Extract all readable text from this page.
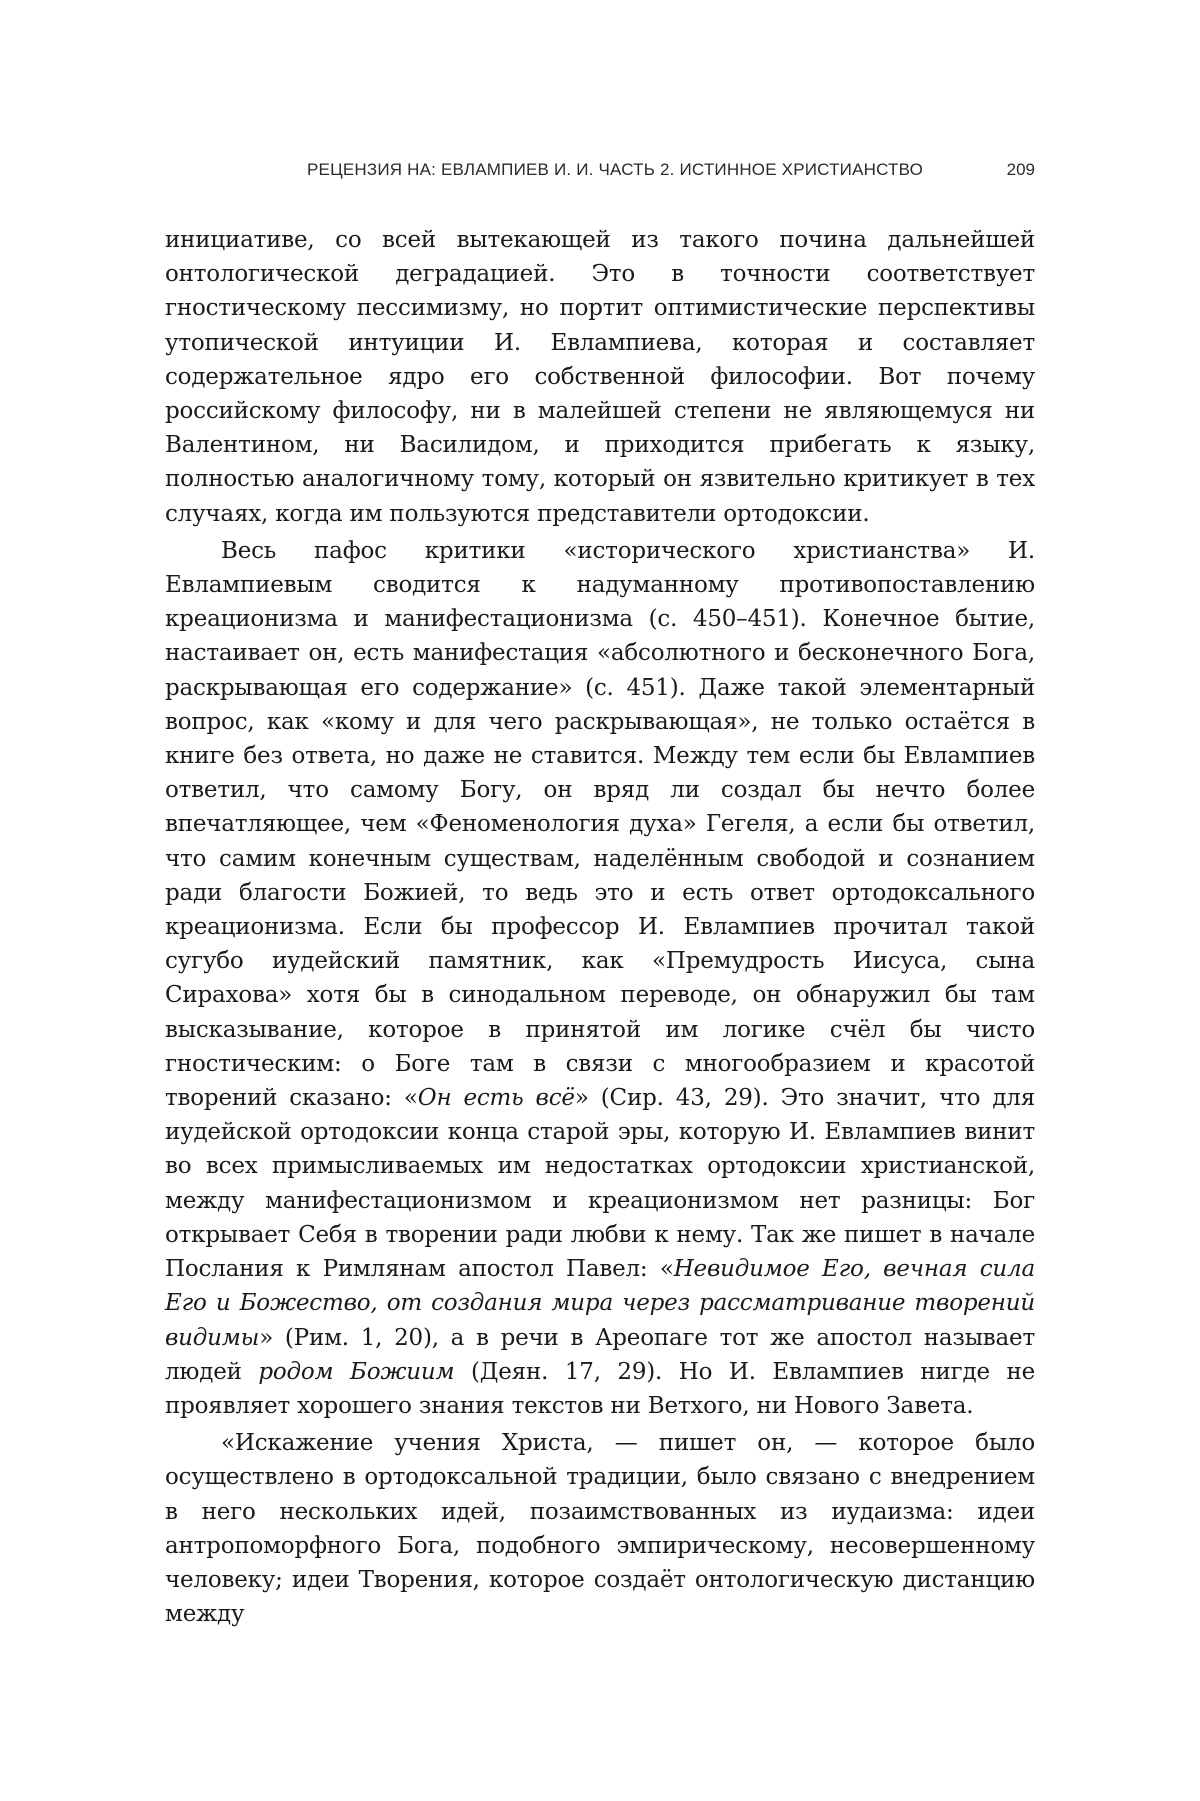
РЕЦЕНЗИЯ НА: ЕВЛАМПИЕВ И. И. ЧАСТЬ 2. ИСТИННОЕ ХРИСТИАНСТВО	209

инициативе, со всей вытекающей из такого почина дальнейшей онтологической деградацией. Это в точности соответствует гностическому пессимизму, но портит оптимистические перспективы утопической интуиции И. Евлампиева, которая и составляет содержательное ядро его собственной философии. Вот почему российскому философу, ни в малейшей степени не являющемуся ни Валентином, ни Василидом, и приходится прибегать к языку, полностью аналогичному тому, который он язвительно критикует в тех случаях, когда им пользуются представители ортодоксии.

Весь пафос критики «исторического христианства» И. Евлампиевым сводится к надуманному противопоставлению креационизма и манифестационизма (с. 450–451). Конечное бытие, настаивает он, есть манифестация «абсолютного и бесконечного Бога, раскрывающая его содержание» (с. 451). Даже такой элементарный вопрос, как «кому и для чего раскрывающая», не только остаётся в книге без ответа, но даже не ставится. Между тем если бы Евлампиев ответил, что самому Богу, он вряд ли создал бы нечто более впечатляющее, чем «Феноменология духа» Гегеля, а если бы ответил, что самим конечным существам, наделённым свободой и сознанием ради благости Божией, то ведь это и есть ответ ортодоксального креационизма. Если бы профессор И. Евлампиев прочитал такой сугубо иудейский памятник, как «Премудрость Иисуса, сына Сирахова» хотя бы в синодальном переводе, он обнаружил бы там высказывание, которое в принятой им логике счёл бы чисто гностическим: о Боге там в связи с многообразием и красотой творений сказано: «Он есть всё» (Сир. 43, 29). Это значит, что для иудейской ортодоксии конца старой эры, которую И. Евлампиев винит во всех примысливаемых им недостатках ортодоксии христианской, между манифестационизмом и креационизмом нет разницы: Бог открывает Себя в творении ради любви к нему. Так же пишет в начале Послания к Римлянам апостол Павел: «Невидимое Его, вечная сила Его и Божество, от создания мира через рассматривание творений видимы» (Рим. 1, 20), а в речи в Ареопаге тот же апостол называет людей родом Божиим (Деян. 17, 29). Но И. Евлампиев нигде не проявляет хорошего знания текстов ни Ветхого, ни Нового Завета.

«Искажение учения Христа, — пишет он, — которое было осуществлено в ортодоксальной традиции, было связано с внедрением в него нескольких идей, позаимствованных из иудаизма: идеи антропоморфного Бога, подобного эмпирическому, несовершенному человеку; идеи Творения, которое создаёт онтологическую дистанцию между
